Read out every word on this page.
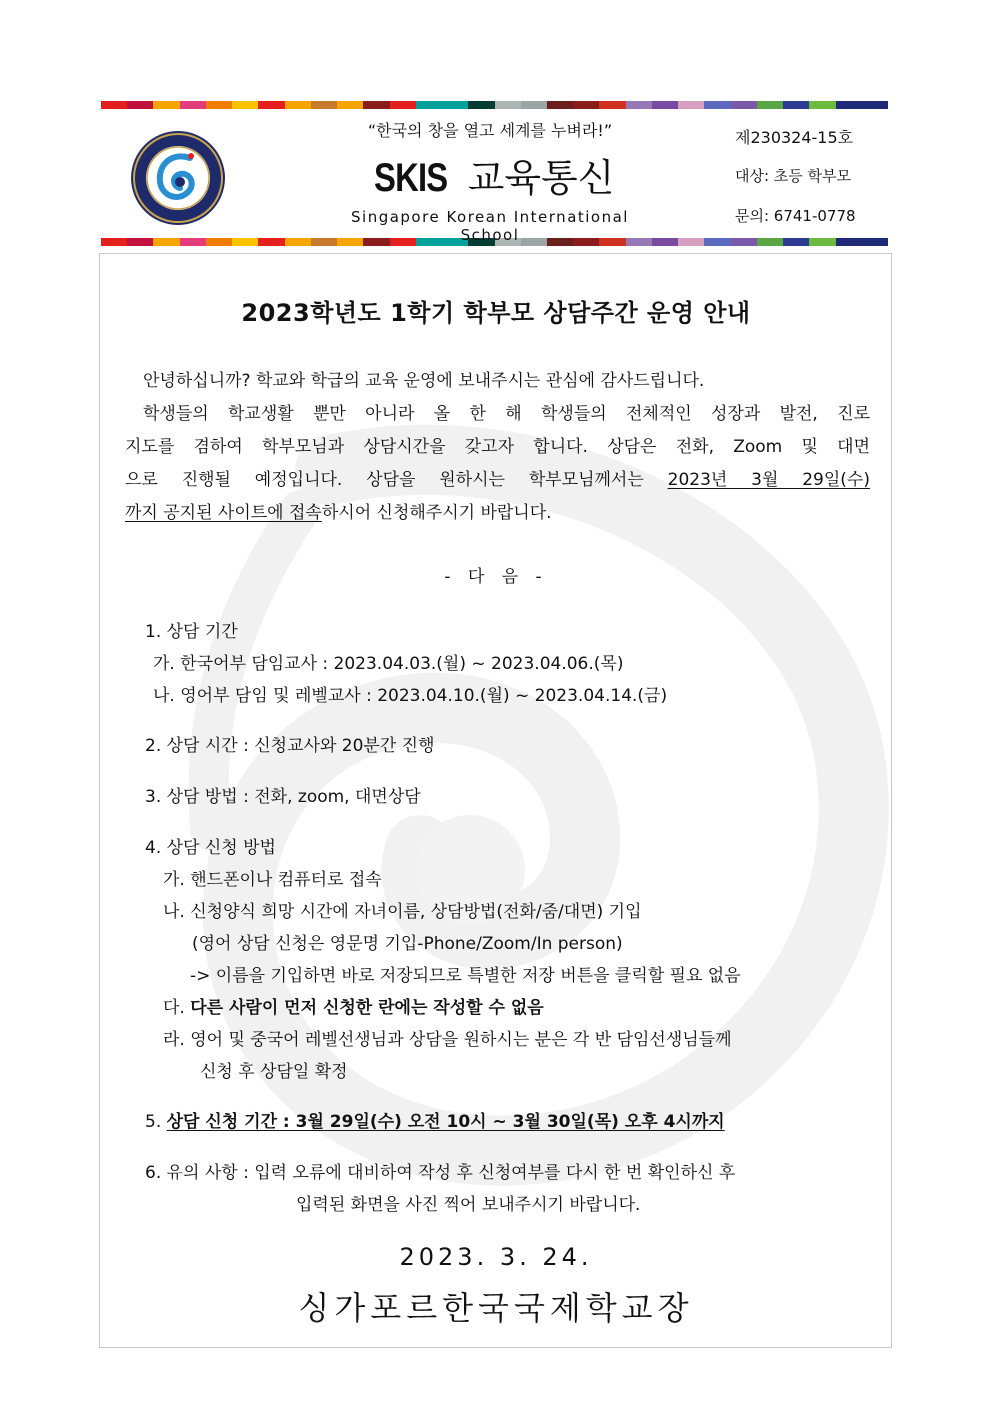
“한국의 창을 열고 세계를 누벼라!”
SKIS 교육통신
Singapore Korean International School
제230324-15호
대상: 초등 학부모
문의: 6741-0778
2023학년도 1학기 학부모 상담주간 운영 안내

안녕하십니까? 학교와 학급의 교육 운영에 보내주시는 관심에 감사드립니다.

학생들의 학교생활 뿐만 아니라 올 한 해 학생들의 전체적인 성장과 발전, 진로

지도를 겸하여 학부모님과 상담시간을 갖고자 합니다. 상담은 전화, Zoom 및 대면

으로 진행될 예정입니다. 상담을 원하시는 학부모님께서는 2023년 3월 29일(수)

까지 공지된 사이트에 접속하시어 신청해주시기 바랍니다.

- 다 음 -
1. 상담 기간
가. 한국어부 담임교사 : 2023.04.03.(월) ~ 2023.04.06.(목)
나. 영어부 담임 및 레벨교사 : 2023.04.10.(월) ~ 2023.04.14.(금)
2. 상담 시간 : 신청교사와 20분간 진행
3. 상담 방법 : 전화, zoom, 대면상담
4. 상담 신청 방법
가. 핸드폰이나 컴퓨터로 접속
나. 신청양식 희망 시간에 자녀이름, 상담방법(전화/줌/대면) 기입
(영어 상담 신청은 영문명 기입-Phone/Zoom/In person)
-> 이름을 기입하면 바로 저장되므로 특별한 저장 버튼을 클릭할 필요 없음
다. 다른 사람이 먼저 신청한 란에는 작성할 수 없음
라. 영어 및 중국어 레벨선생님과 상담을 원하시는 분은 각 반 담임선생님들께
신청 후 상담일 확정
5. 상담 신청 기간 : 3월 29일(수) 오전 10시 ~ 3월 30일(목) 오후 4시까지
6. 유의 사항 : 입력 오류에 대비하여 작성 후 신청여부를 다시 한 번 확인하신 후
입력된 화면을 사진 찍어 보내주시기 바랍니다.
2023. 3. 24.
싱가포르한국국제학교장
